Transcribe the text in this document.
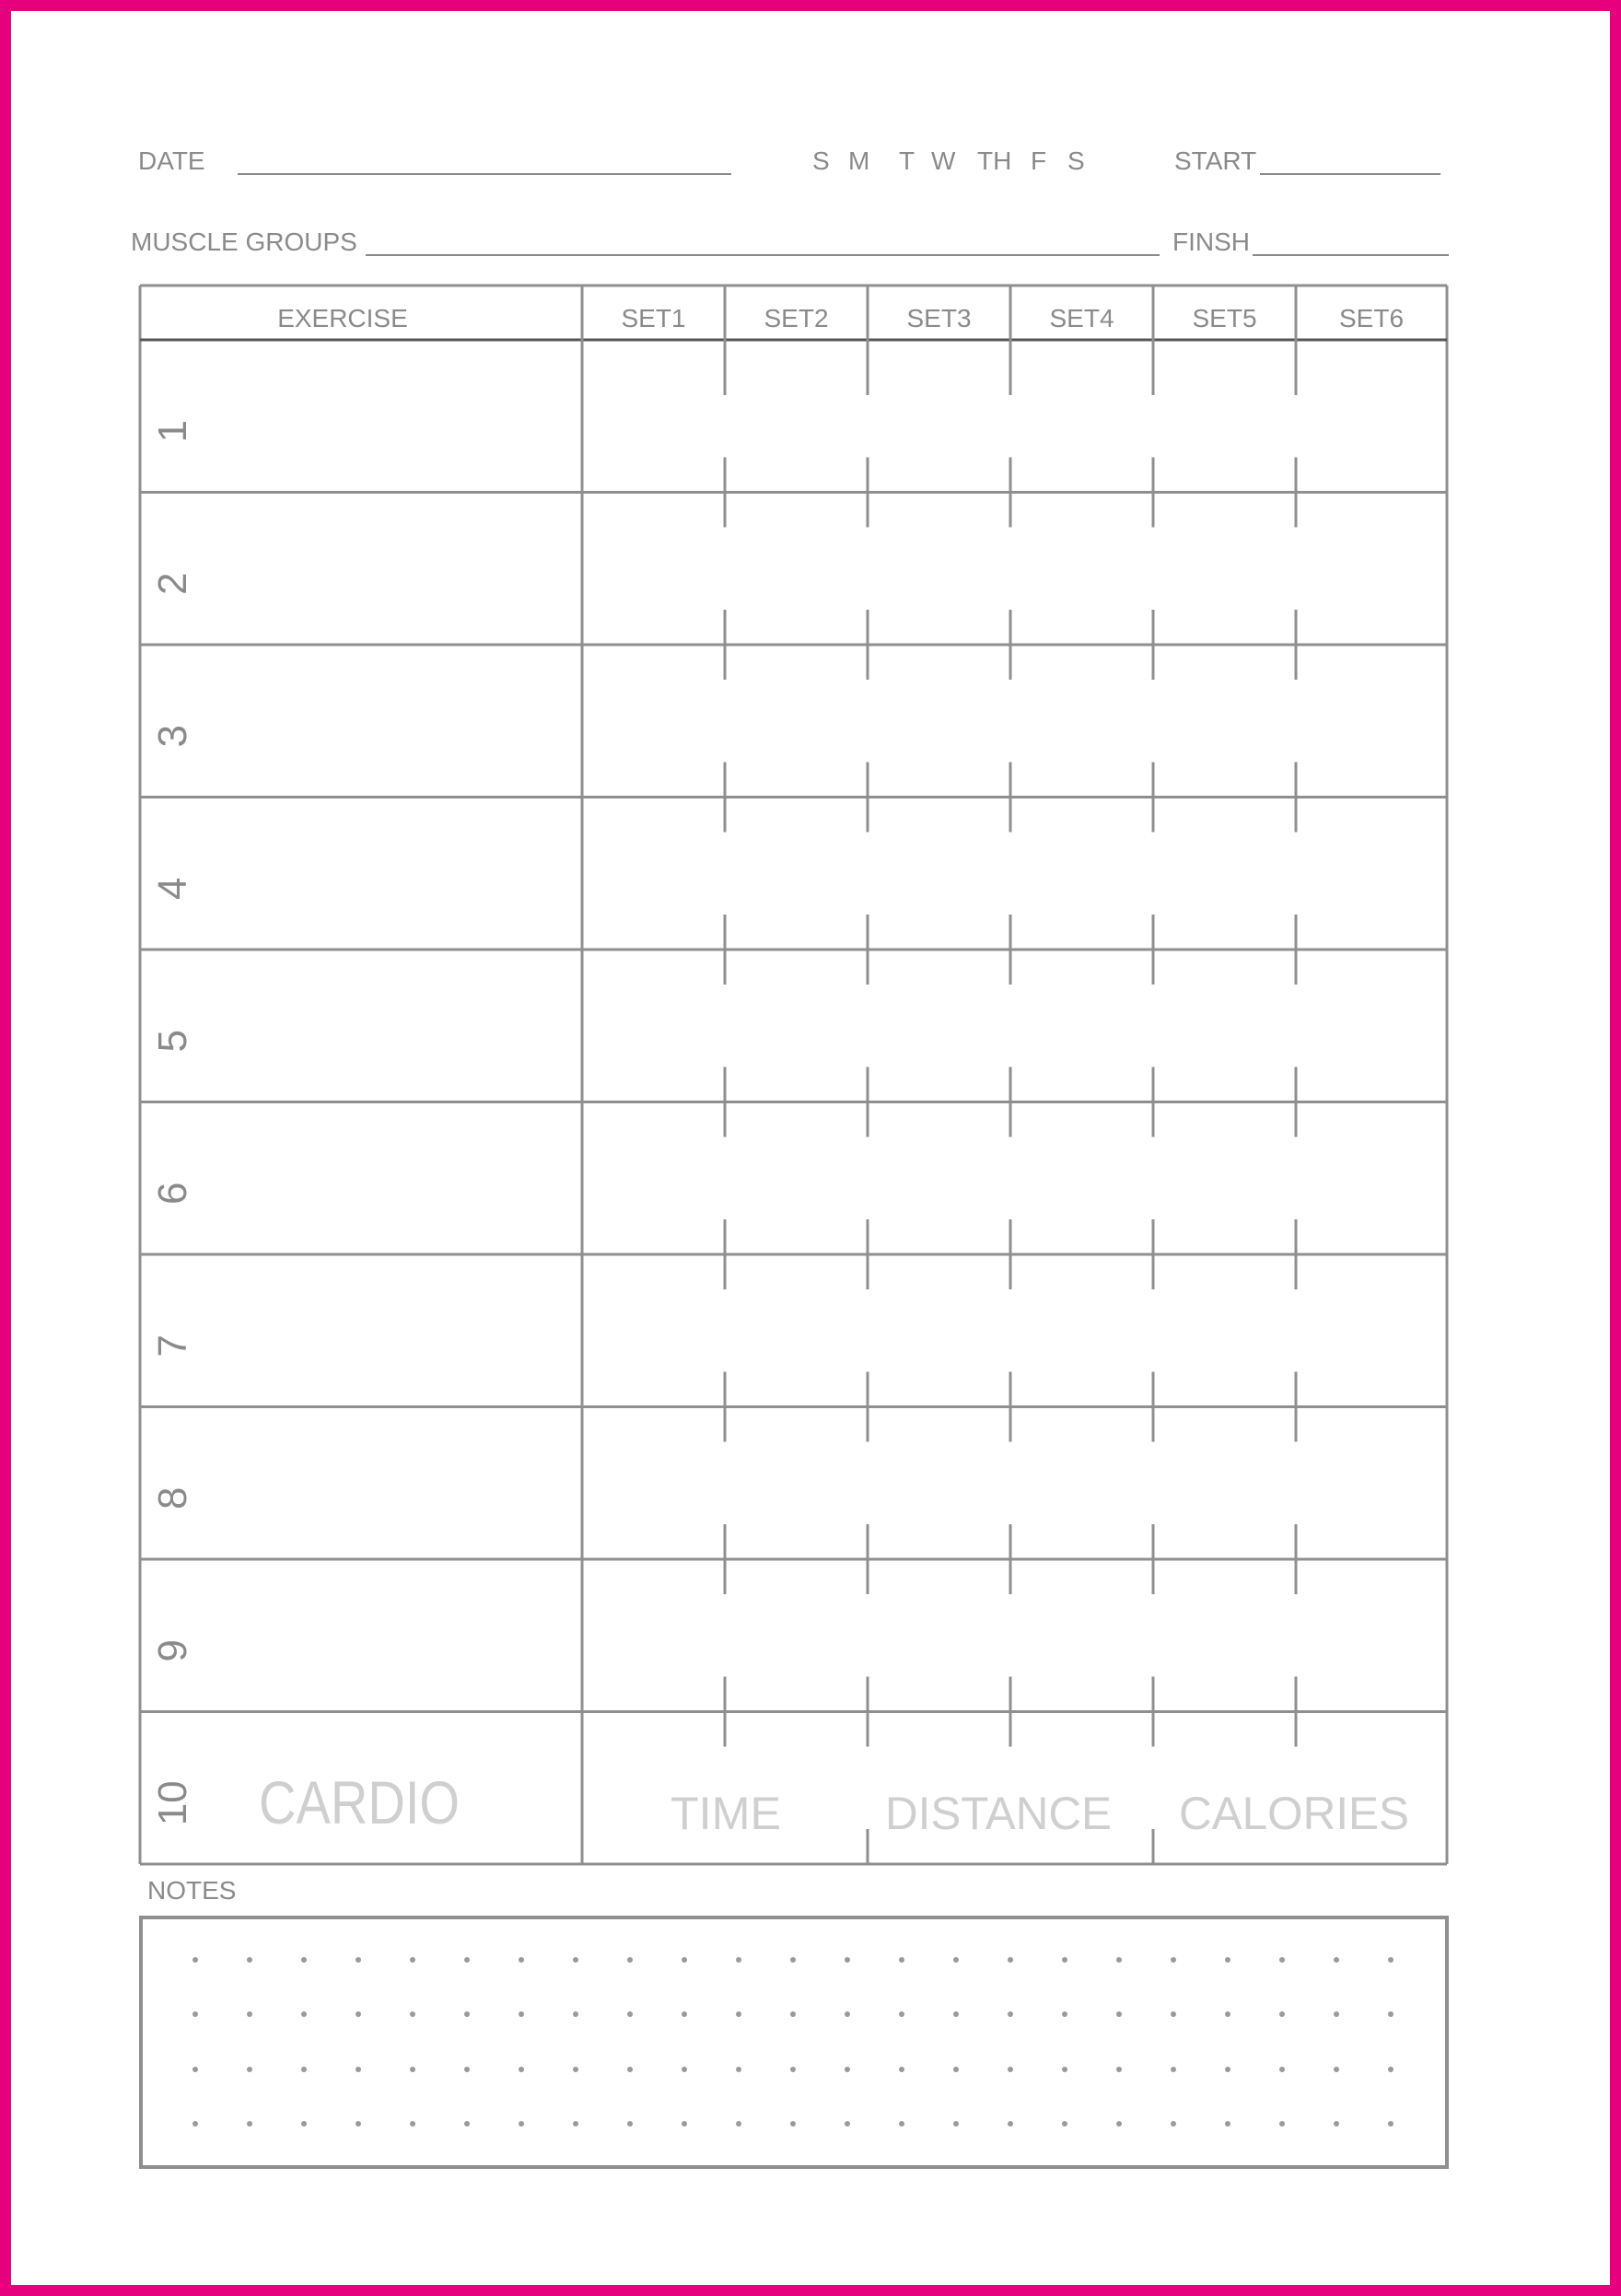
DATE	S M T W TH F S	START
MUSCLE GROUPS	FINSH
EXERCISE	SET1	SET2	SET3	SET4	SET5	SET6
1
2
3
4
5
6
7
8
9
10 CARDIO	TIME DISTANCE CALORIES
NOTES
